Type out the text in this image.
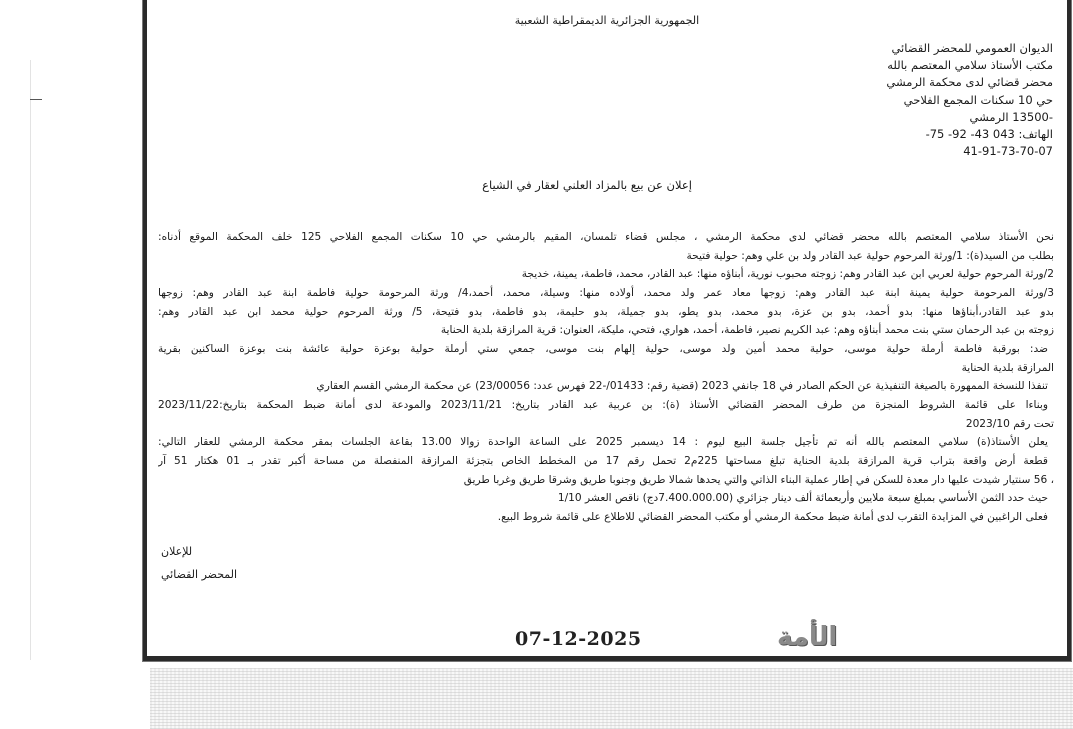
الجمهورية الجزائرية الديمقراطية الشعبية
الديوان العمومي للمحضر القضائي
مكتب الأستاذ سلامي المعتصم بالله
محضر قضائي لدى محكمة الرمشي
حي 10 سكنات المجمع الفلاحي
-13500 الرمشي
الهاتف: -75 -92 -43 043
41-91-73-70-07
إعلان عن بيع بالمزاد العلني لعقار في الشياع
نحن الأستاذ سلامي المعتصم بالله محضر قضائي لدى محكمة الرمشي ، مجلس قضاء تلمسان، المقيم بالرمشي حي 10 سكنات المجمع الفلاحي 125 خلف المحكمة الموقع أدناه:
بطلب من السيد(ة): 1/ورثة المرحوم حولية عبد القادر ولد بن علي وهم: حولية فتيحة
2/ورثة المرحوم حولية لعربي ابن عبد القادر وهم: زوجته محبوب نورية، أبناؤه منها: عبد القادر، محمد، فاطمة، يمينة، خديجة
3/ورثة المرحومة حولية يمينة ابنة عبد القادر وهم: زوجها معاد عمر ولد محمد، أولاده منها: وسيلة، محمد، أحمد،4/ ورثة المرحومة حولية فاطمة ابنة عبد القادر وهم: زوجها
بدو عبد القادر،أبناؤها منها: بدو أحمد، بدو بن عزة، بدو محمد، بدو يطو، بدو جميلة، بدو حليمة، بدو فاطمة، بدو فتيحة، 5/ ورثة المرحوم حولية محمد ابن عبد القادر وهم:
زوجته بن عبد الرحمان ستي بنت محمد أبناؤه وهم: عبد الكريم نصير، فاطمة، أحمد، هواري، فتحي، مليكة، العنوان: قرية المرازقة بلدية الحناية
ضد: بورقبة فاطمة أرملة حولية موسى، حولية محمد أمين ولد موسى، حولية إلهام بنت موسى، جمعي ستي أرملة حولية بوعزة حولية عائشة بنت بوعزة الساكنين بقرية
المرازقة بلدية الحناية
تنفذا للنسخة الممهورة بالصيغة التنفيذية عن الحكم الصادر في 18 جانفي 2023 (قضية رقم: 01433/-22 فهرس عدد: 23/00056) عن محكمة الرمشي القسم العقاري
وبناءا على قائمة الشروط المنجزة من طرف المحضر القضائي الأستاذ (ة): بن عربية عبد القادر بتاريخ: 2023/11/21 والمودعة لدى أمانة ضبط المحكمة بتاريخ:2023/11/22
تحت رقم 2023/10
يعلن الأستاذ(ة) سلامي المعتصم بالله أنه تم تأجيل جلسة البيع ليوم : 14 ديسمبر 2025 على الساعة الواحدة زوالا 13.00 بقاعة الجلسات بمقر محكمة الرمشي للعقار التالي:
قطعة أرض واقعة بتراب قرية المرازقة بلدية الحناية تبلغ مساحتها 225م2 تحمل رقم 17 من المخطط الخاص بتجزئة المرازقة المنفصلة من مساحة أكبر تقدر بـ 01 هكتار 51 آر
، 56 سنتيار شيدت عليها دار معدة للسكن في إطار عملية البناء الذاتي والتي يحدها شمالا طريق وجنوبا طريق وشرقا طريق وغربا طريق
حيث حدد الثمن الأساسي بمبلغ سبعة ملايين وأربعمائة ألف دينار جزائري (7.400.000.00دج) ناقص العشر 1/10
فعلى الراغبين في المزايدة التقرب لدى أمانة ضبط محكمة الرمشي أو مكتب المحضر القضائي للاطلاع على قائمة شروط البيع.
للإعلان
المحضر القضائي
07-12-2025	الأمة
